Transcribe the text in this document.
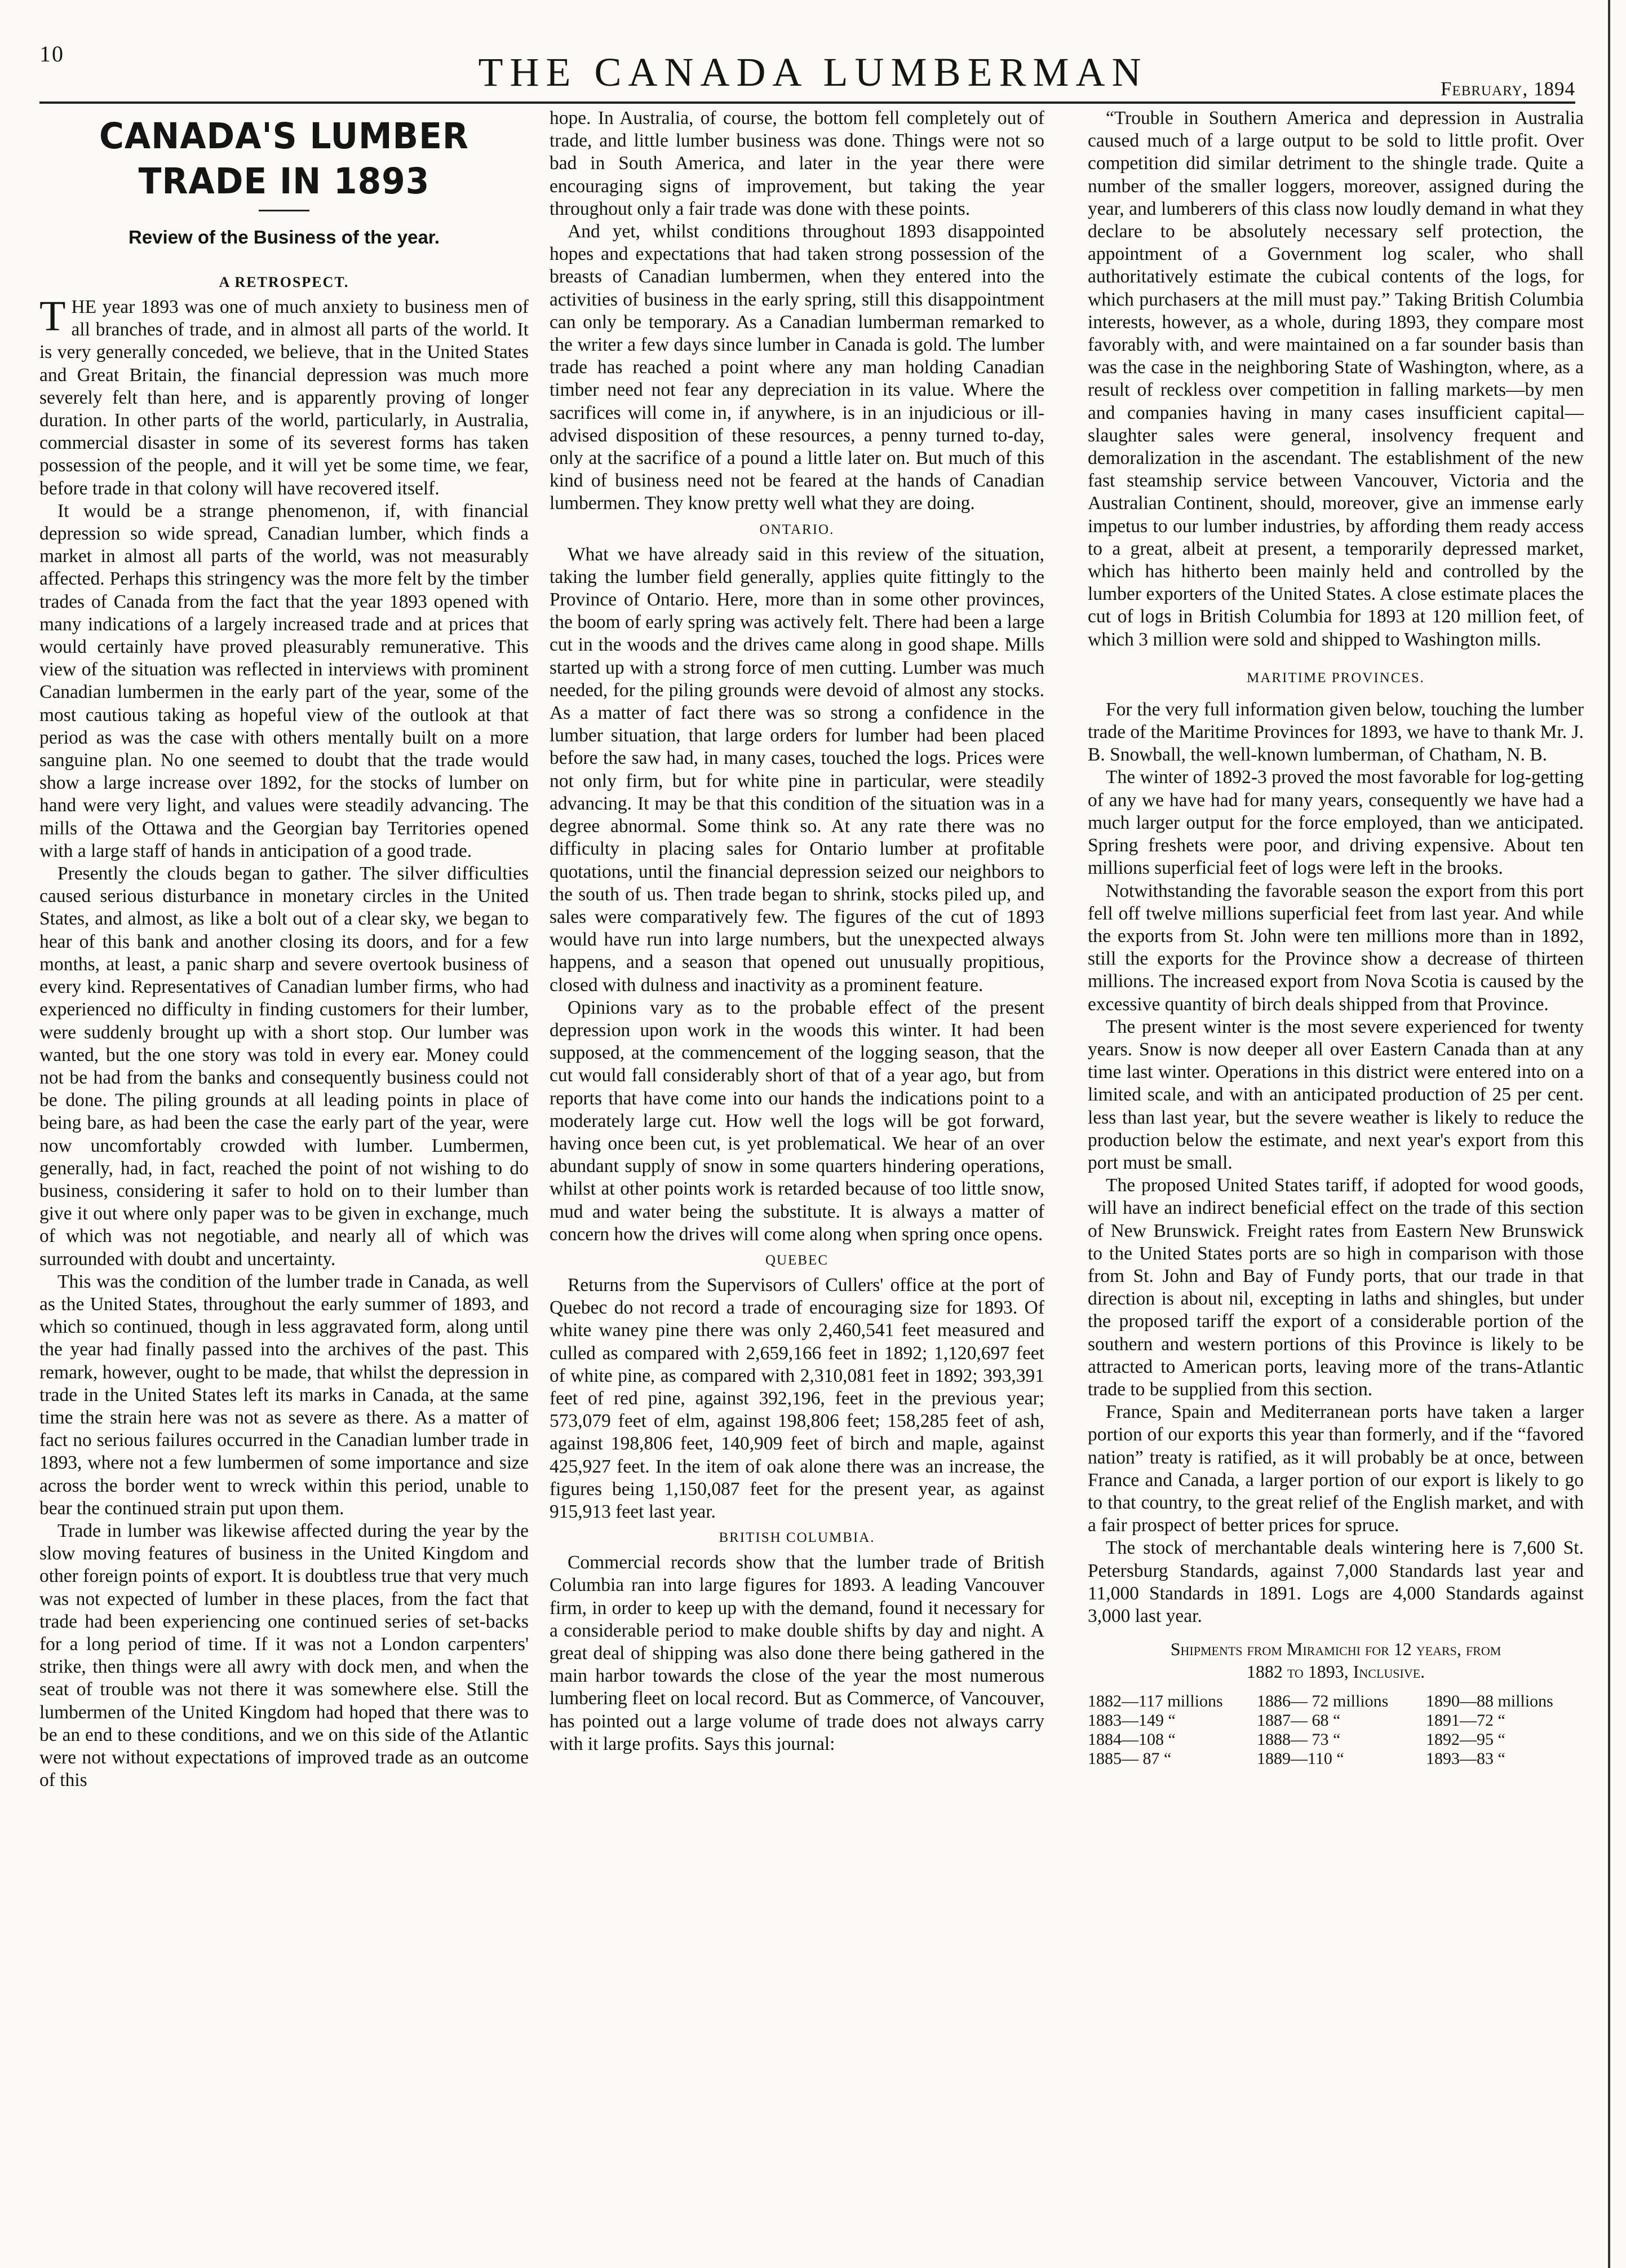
10	THE CANADA LUMBERMAN	February, 1894
CANADA'S LUMBER TRADE IN 1893
Review of the Business of the year.
A RETROSPECT.

THE year 1893 was one of much anxiety to business men of all branches of trade, and in almost all parts of the world. It is very generally conceded, we believe, that in the United States and Great Britain, the financial depression was much more severely felt than here, and is apparently proving of longer duration. In other parts of the world, particularly, in Australia, commercial disaster in some of its severest forms has taken possession of the people, and it will yet be some time, we fear, before trade in that colony will have recovered itself.

It would be a strange phenomenon, if, with financial depression so wide spread, Canadian lumber, which finds a market in almost all parts of the world, was not measurably affected. Perhaps this stringency was the more felt by the timber trades of Canada from the fact that the year 1893 opened with many indications of a largely increased trade and at prices that would certainly have proved pleasurably remunerative. This view of the situation was reflected in interviews with prominent Canadian lumbermen in the early part of the year, some of the most cautious taking as hopeful view of the outlook at that period as was the case with others mentally built on a more sanguine plan. No one seemed to doubt that the trade would show a large increase over 1892, for the stocks of lumber on hand were very light, and values were steadily advancing. The mills of the Ottawa and the Georgian bay Territories opened with a large staff of hands in anticipation of a good trade.

Presently the clouds began to gather. The silver difficulties caused serious disturbance in monetary circles in the United States, and almost, as like a bolt out of a clear sky, we began to hear of this bank and another closing its doors, and for a few months, at least, a panic sharp and severe overtook business of every kind. Representatives of Canadian lumber firms, who had experienced no difficulty in finding customers for their lumber, were suddenly brought up with a short stop. Our lumber was wanted, but the one story was told in every ear. Money could not be had from the banks and consequently business could not be done. The piling grounds at all leading points in place of being bare, as had been the case the early part of the year, were now uncomfortably crowded with lumber. Lumbermen, generally, had, in fact, reached the point of not wishing to do business, considering it safer to hold on to their lumber than give it out where only paper was to be given in exchange, much of which was not negotiable, and nearly all of which was surrounded with doubt and uncertainty.

This was the condition of the lumber trade in Canada, as well as the United States, throughout the early summer of 1893, and which so continued, though in less aggravated form, along until the year had finally passed into the archives of the past. This remark, however, ought to be made, that whilst the depression in trade in the United States left its marks in Canada, at the same time the strain here was not as severe as there. As a matter of fact no serious failures occurred in the Canadian lumber trade in 1893, where not a few lumbermen of some importance and size across the border went to wreck within this period, unable to bear the continued strain put upon them.

Trade in lumber was likewise affected during the year by the slow moving features of business in the United Kingdom and other foreign points of export. It is doubtless true that very much was not expected of lumber in these places, from the fact that trade had been experiencing one continued series of set-backs for a long period of time. If it was not a London carpenters' strike, then things were all awry with dock men, and when the seat of trouble was not there it was somewhere else. Still the lumbermen of the United Kingdom had hoped that there was to be an end to these conditions, and we on this side of the Atlantic were not without expectations of improved trade as an outcome of this

hope. In Australia, of course, the bottom fell completely out of trade, and little lumber business was done. Things were not so bad in South America, and later in the year there were encouraging signs of improvement, but taking the year throughout only a fair trade was done with these points.

And yet, whilst conditions throughout 1893 disappointed hopes and expectations that had taken strong possession of the breasts of Canadian lumbermen, when they entered into the activities of business in the early spring, still this disappointment can only be temporary. As a Canadian lumberman remarked to the writer a few days since lumber in Canada is gold. The lumber trade has reached a point where any man holding Canadian timber need not fear any depreciation in its value. Where the sacrifices will come in, if anywhere, is in an injudicious or ill-advised disposition of these resources, a penny turned to-day, only at the sacrifice of a pound a little later on. But much of this kind of business need not be feared at the hands of Canadian lumbermen. They know pretty well what they are doing.

ONTARIO.

What we have already said in this review of the situation, taking the lumber field generally, applies quite fittingly to the Province of Ontario. Here, more than in some other provinces, the boom of early spring was actively felt. There had been a large cut in the woods and the drives came along in good shape. Mills started up with a strong force of men cutting. Lumber was much needed, for the piling grounds were devoid of almost any stocks. As a matter of fact there was so strong a confidence in the lumber situation, that large orders for lumber had been placed before the saw had, in many cases, touched the logs. Prices were not only firm, but for white pine in particular, were steadily advancing. It may be that this condition of the situation was in a degree abnormal. Some think so. At any rate there was no difficulty in placing sales for Ontario lumber at profitable quotations, until the financial depression seized our neighbors to the south of us. Then trade began to shrink, stocks piled up, and sales were comparatively few. The figures of the cut of 1893 would have run into large numbers, but the unexpected always happens, and a season that opened out unusually propitious, closed with dulness and inactivity as a prominent feature.

Opinions vary as to the probable effect of the present depression upon work in the woods this winter. It had been supposed, at the commencement of the logging season, that the cut would fall considerably short of that of a year ago, but from reports that have come into our hands the indications point to a moderately large cut. How well the logs will be got forward, having once been cut, is yet problematical. We hear of an over abundant supply of snow in some quarters hindering operations, whilst at other points work is retarded because of too little snow, mud and water being the substitute. It is always a matter of concern how the drives will come along when spring once opens.

QUEBEC

Returns from the Supervisors of Cullers' office at the port of Quebec do not record a trade of encouraging size for 1893. Of white waney pine there was only 2,460,541 feet measured and culled as compared with 2,659,166 feet in 1892; 1,120,697 feet of white pine, as compared with 2,310,081 feet in 1892; 393,391 feet of red pine, against 392,196, feet in the previous year; 573,079 feet of elm, against 198,806 feet; 158,285 feet of ash, against 198,806 feet, 140,909 feet of birch and maple, against 425,927 feet. In the item of oak alone there was an increase, the figures being 1,150,087 feet for the present year, as against 915,913 feet last year.

BRITISH COLUMBIA.

Commercial records show that the lumber trade of British Columbia ran into large figures for 1893. A leading Vancouver firm, in order to keep up with the demand, found it necessary for a considerable period to make double shifts by day and night. A great deal of shipping was also done there being gathered in the main harbor towards the close of the year the most numerous lumbering fleet on local record. But as Commerce, of Vancouver, has pointed out a large volume of trade does not always carry with it large profits. Says this journal:

“Trouble in Southern America and depression in Australia caused much of a large output to be sold to little profit. Over competition did similar detriment to the shingle trade. Quite a number of the smaller loggers, moreover, assigned during the year, and lumberers of this class now loudly demand in what they declare to be absolutely necessary self protection, the appointment of a Government log scaler, who shall authoritatively estimate the cubical contents of the logs, for which purchasers at the mill must pay.” Taking British Columbia interests, however, as a whole, during 1893, they compare most favorably with, and were maintained on a far sounder basis than was the case in the neighboring State of Washington, where, as a result of reckless over competition in falling markets—by men and companies having in many cases insufficient capital—slaughter sales were general, insolvency frequent and demoralization in the ascendant. The establishment of the new fast steamship service between Vancouver, Victoria and the Australian Continent, should, moreover, give an immense early impetus to our lumber industries, by affording them ready access to a great, albeit at present, a temporarily depressed market, which has hitherto been mainly held and controlled by the lumber exporters of the United States. A close estimate places the cut of logs in British Columbia for 1893 at 120 million feet, of which 3 million were sold and shipped to Washington mills.

MARITIME PROVINCES.

For the very full information given below, touching the lumber trade of the Maritime Provinces for 1893, we have to thank Mr. J. B. Snowball, the well-known lumberman, of Chatham, N. B.

The winter of 1892-3 proved the most favorable for log-getting of any we have had for many years, consequently we have had a much larger output for the force employed, than we anticipated. Spring freshets were poor, and driving expensive. About ten millions superficial feet of logs were left in the brooks.

Notwithstanding the favorable season the export from this port fell off twelve millions superficial feet from last year. And while the exports from St. John were ten millions more than in 1892, still the exports for the Province show a decrease of thirteen millions. The increased export from Nova Scotia is caused by the excessive quantity of birch deals shipped from that Province.

The present winter is the most severe experienced for twenty years. Snow is now deeper all over Eastern Canada than at any time last winter. Operations in this district were entered into on a limited scale, and with an anticipated production of 25 per cent. less than last year, but the severe weather is likely to reduce the production below the estimate, and next year's export from this port must be small.

The proposed United States tariff, if adopted for wood goods, will have an indirect beneficial effect on the trade of this section of New Brunswick. Freight rates from Eastern New Brunswick to the United States ports are so high in comparison with those from St. John and Bay of Fundy ports, that our trade in that direction is about nil, excepting in laths and shingles, but under the proposed tariff the export of a considerable portion of the southern and western portions of this Province is likely to be attracted to American ports, leaving more of the trans-Atlantic trade to be supplied from this section.

France, Spain and Mediterranean ports have taken a larger portion of our exports this year than formerly, and if the “favored nation” treaty is ratified, as it will probably be at once, between France and Canada, a larger portion of our export is likely to go to that country, to the great relief of the English market, and with a fair prospect of better prices for spruce.

The stock of merchantable deals wintering here is 7,600 St. Petersburg Standards, against 7,000 Standards last year and 11,000 Standards in 1891. Logs are 4,000 Standards against 3,000 last year.

Shipments from Miramichi for 12 years, from
1882 to 1893, Inclusive.
1882—117 millions	1886— 72 millions	1890—88 millions
1883—149 “	1887— 68 “	1891—72 “
1884—108 “	1888— 73 “	1892—95 “
1885— 87 “	1889—110 “	1893—83 “
